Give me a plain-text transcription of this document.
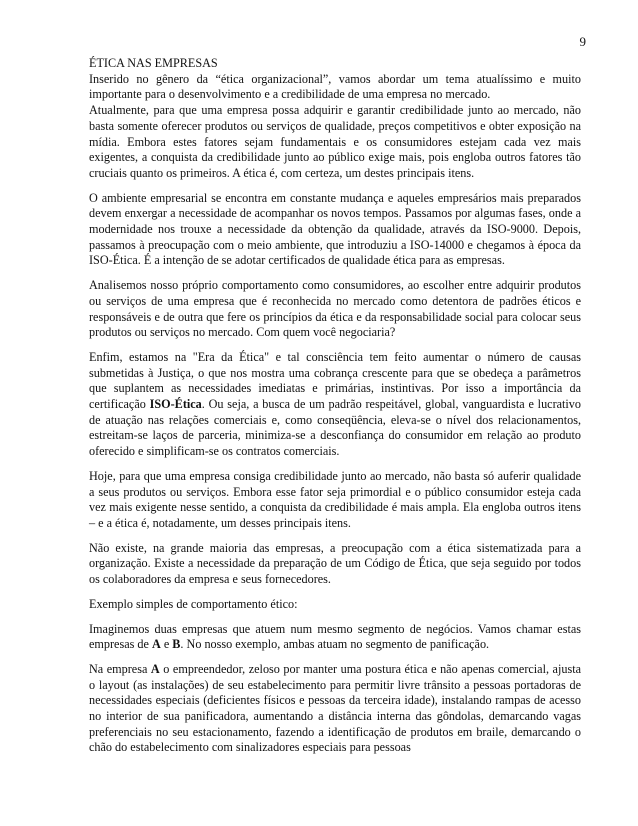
9
ÉTICA NAS EMPRESAS

Inserido no gênero da “ética organizacional”, vamos abordar um tema atualíssimo e muito importante para o desenvolvimento e a credibilidade de uma empresa no mercado.

Atualmente, para que uma empresa possa adquirir e garantir credibilidade junto ao mercado, não basta somente oferecer produtos ou serviços de qualidade, preços competitivos e obter exposição na mídia. Embora estes fatores sejam fundamentais e os consumidores estejam cada vez mais exigentes, a conquista da credibilidade junto ao público exige mais, pois engloba outros fatores tão cruciais quanto os primeiros. A ética é, com certeza, um destes principais itens.

O ambiente empresarial se encontra em constante mudança e aqueles empresários mais preparados devem enxergar a necessidade de acompanhar os novos tempos. Passamos por algumas fases, onde a modernidade nos trouxe a necessidade da obtenção da qualidade, através da ISO-9000. Depois, passamos à preocupação com o meio ambiente, que introduziu a ISO-14000 e chegamos à época da ISO-Ética. É a intenção de se adotar certificados de qualidade ética para as empresas.

Analisemos nosso próprio comportamento como consumidores, ao escolher entre adquirir produtos ou serviços de uma empresa que é reconhecida no mercado como detentora de padrões éticos e responsáveis e de outra que fere os princípios da ética e da responsabilidade social para colocar seus produtos ou serviços no mercado. Com quem você negociaria?

Enfim, estamos na "Era da Ética" e tal consciência tem feito aumentar o número de causas submetidas à Justiça, o que nos mostra uma cobrança crescente para que se obedeça a parâmetros que suplantem as necessidades imediatas e primárias, instintivas. Por isso a importância da certificação ISO-Ética. Ou seja, a busca de um padrão respeitável, global, vanguardista e lucrativo de atuação nas relações comerciais e, como conseqüência, eleva-se o nível dos relacionamentos, estreitam-se laços de parceria, minimiza-se a desconfiança do consumidor em relação ao produto oferecido e simplificam-se os contratos comerciais.

Hoje, para que uma empresa consiga credibilidade junto ao mercado, não basta só auferir qualidade a seus produtos ou serviços. Embora esse fator seja primordial e o público consumidor esteja cada vez mais exigente nesse sentido, a conquista da credibilidade é mais ampla. Ela engloba outros itens – e a ética é, notadamente, um desses principais itens.

Não existe, na grande maioria das empresas, a preocupação com a ética sistematizada para a organização. Existe a necessidade da preparação de um Código de Ética, que seja seguido por todos os colaboradores da empresa e seus fornecedores.

Exemplo simples de comportamento ético:

Imaginemos duas empresas que atuem num mesmo segmento de negócios. Vamos chamar estas empresas de A e B. No nosso exemplo, ambas atuam no segmento de panificação.

Na empresa A o empreendedor, zeloso por manter uma postura ética e não apenas comercial, ajusta o layout (as instalações) de seu estabelecimento para permitir livre trânsito a pessoas portadoras de necessidades especiais (deficientes físicos e pessoas da terceira idade), instalando rampas de acesso no interior de sua panificadora, aumentando a distância interna das gôndolas, demarcando vagas preferenciais no seu estacionamento, fazendo a identificação de produtos em braile, demarcando o chão do estabelecimento com sinalizadores especiais para pessoas
